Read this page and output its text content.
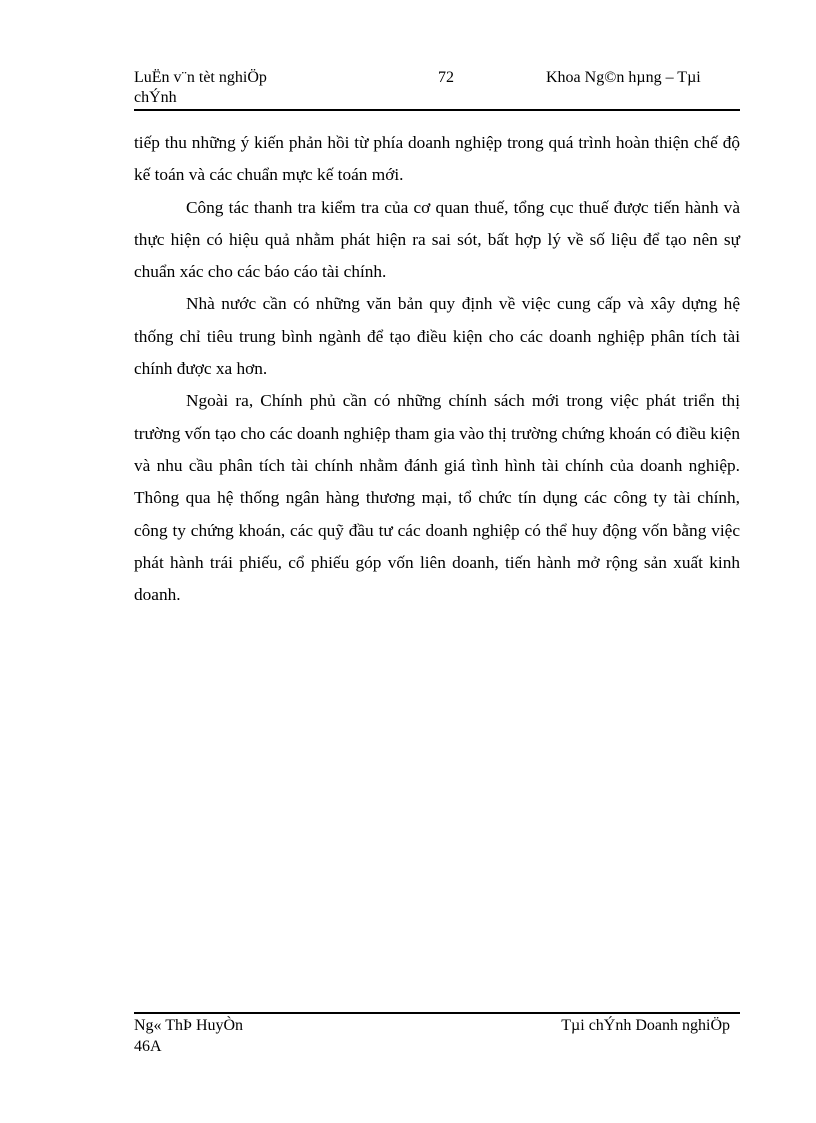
LuËn v¨n tèt nghiÖp
chÝnh
72	Khoa Ng©n hµng – Tµi

tiếp thu những ý kiến phản hồi từ phía doanh nghiệp trong quá trình hoàn thiện chế độ kế toán và các chuẩn mực kế toán mới.

Công tác thanh tra kiểm tra của cơ quan thuế, tổng cục thuế được tiến hành và thực hiện có hiệu quả nhằm phát hiện ra sai sót, bất hợp lý về số liệu để tạo nên sự chuẩn xác cho các báo cáo tài chính.

Nhà nước cần có những văn bản quy định về việc cung cấp và xây dựng hệ thống chỉ tiêu trung bình ngành để tạo điều kiện cho các doanh nghiệp phân tích tài chính được xa hơn.

Ngoài ra, Chính phủ cần có những chính sách mới trong việc phát triển thị trường vốn tạo cho các doanh nghiệp tham gia vào thị trường chứng khoán có điều kiện và nhu cầu phân tích tài chính nhằm đánh giá tình hình tài chính của doanh nghiệp. Thông qua hệ thống ngân hàng thương mại, tổ chức tín dụng các công ty tài chính, công ty chứng khoán, các quỹ đầu tư các doanh nghiệp có thể huy động vốn bằng việc phát hành trái phiếu, cổ phiếu góp vốn liên doanh, tiến hành mở rộng sản xuất kinh doanh.

Ng« ThÞ HuyÒn
46A
Tµi chÝnh Doanh nghiÖp
